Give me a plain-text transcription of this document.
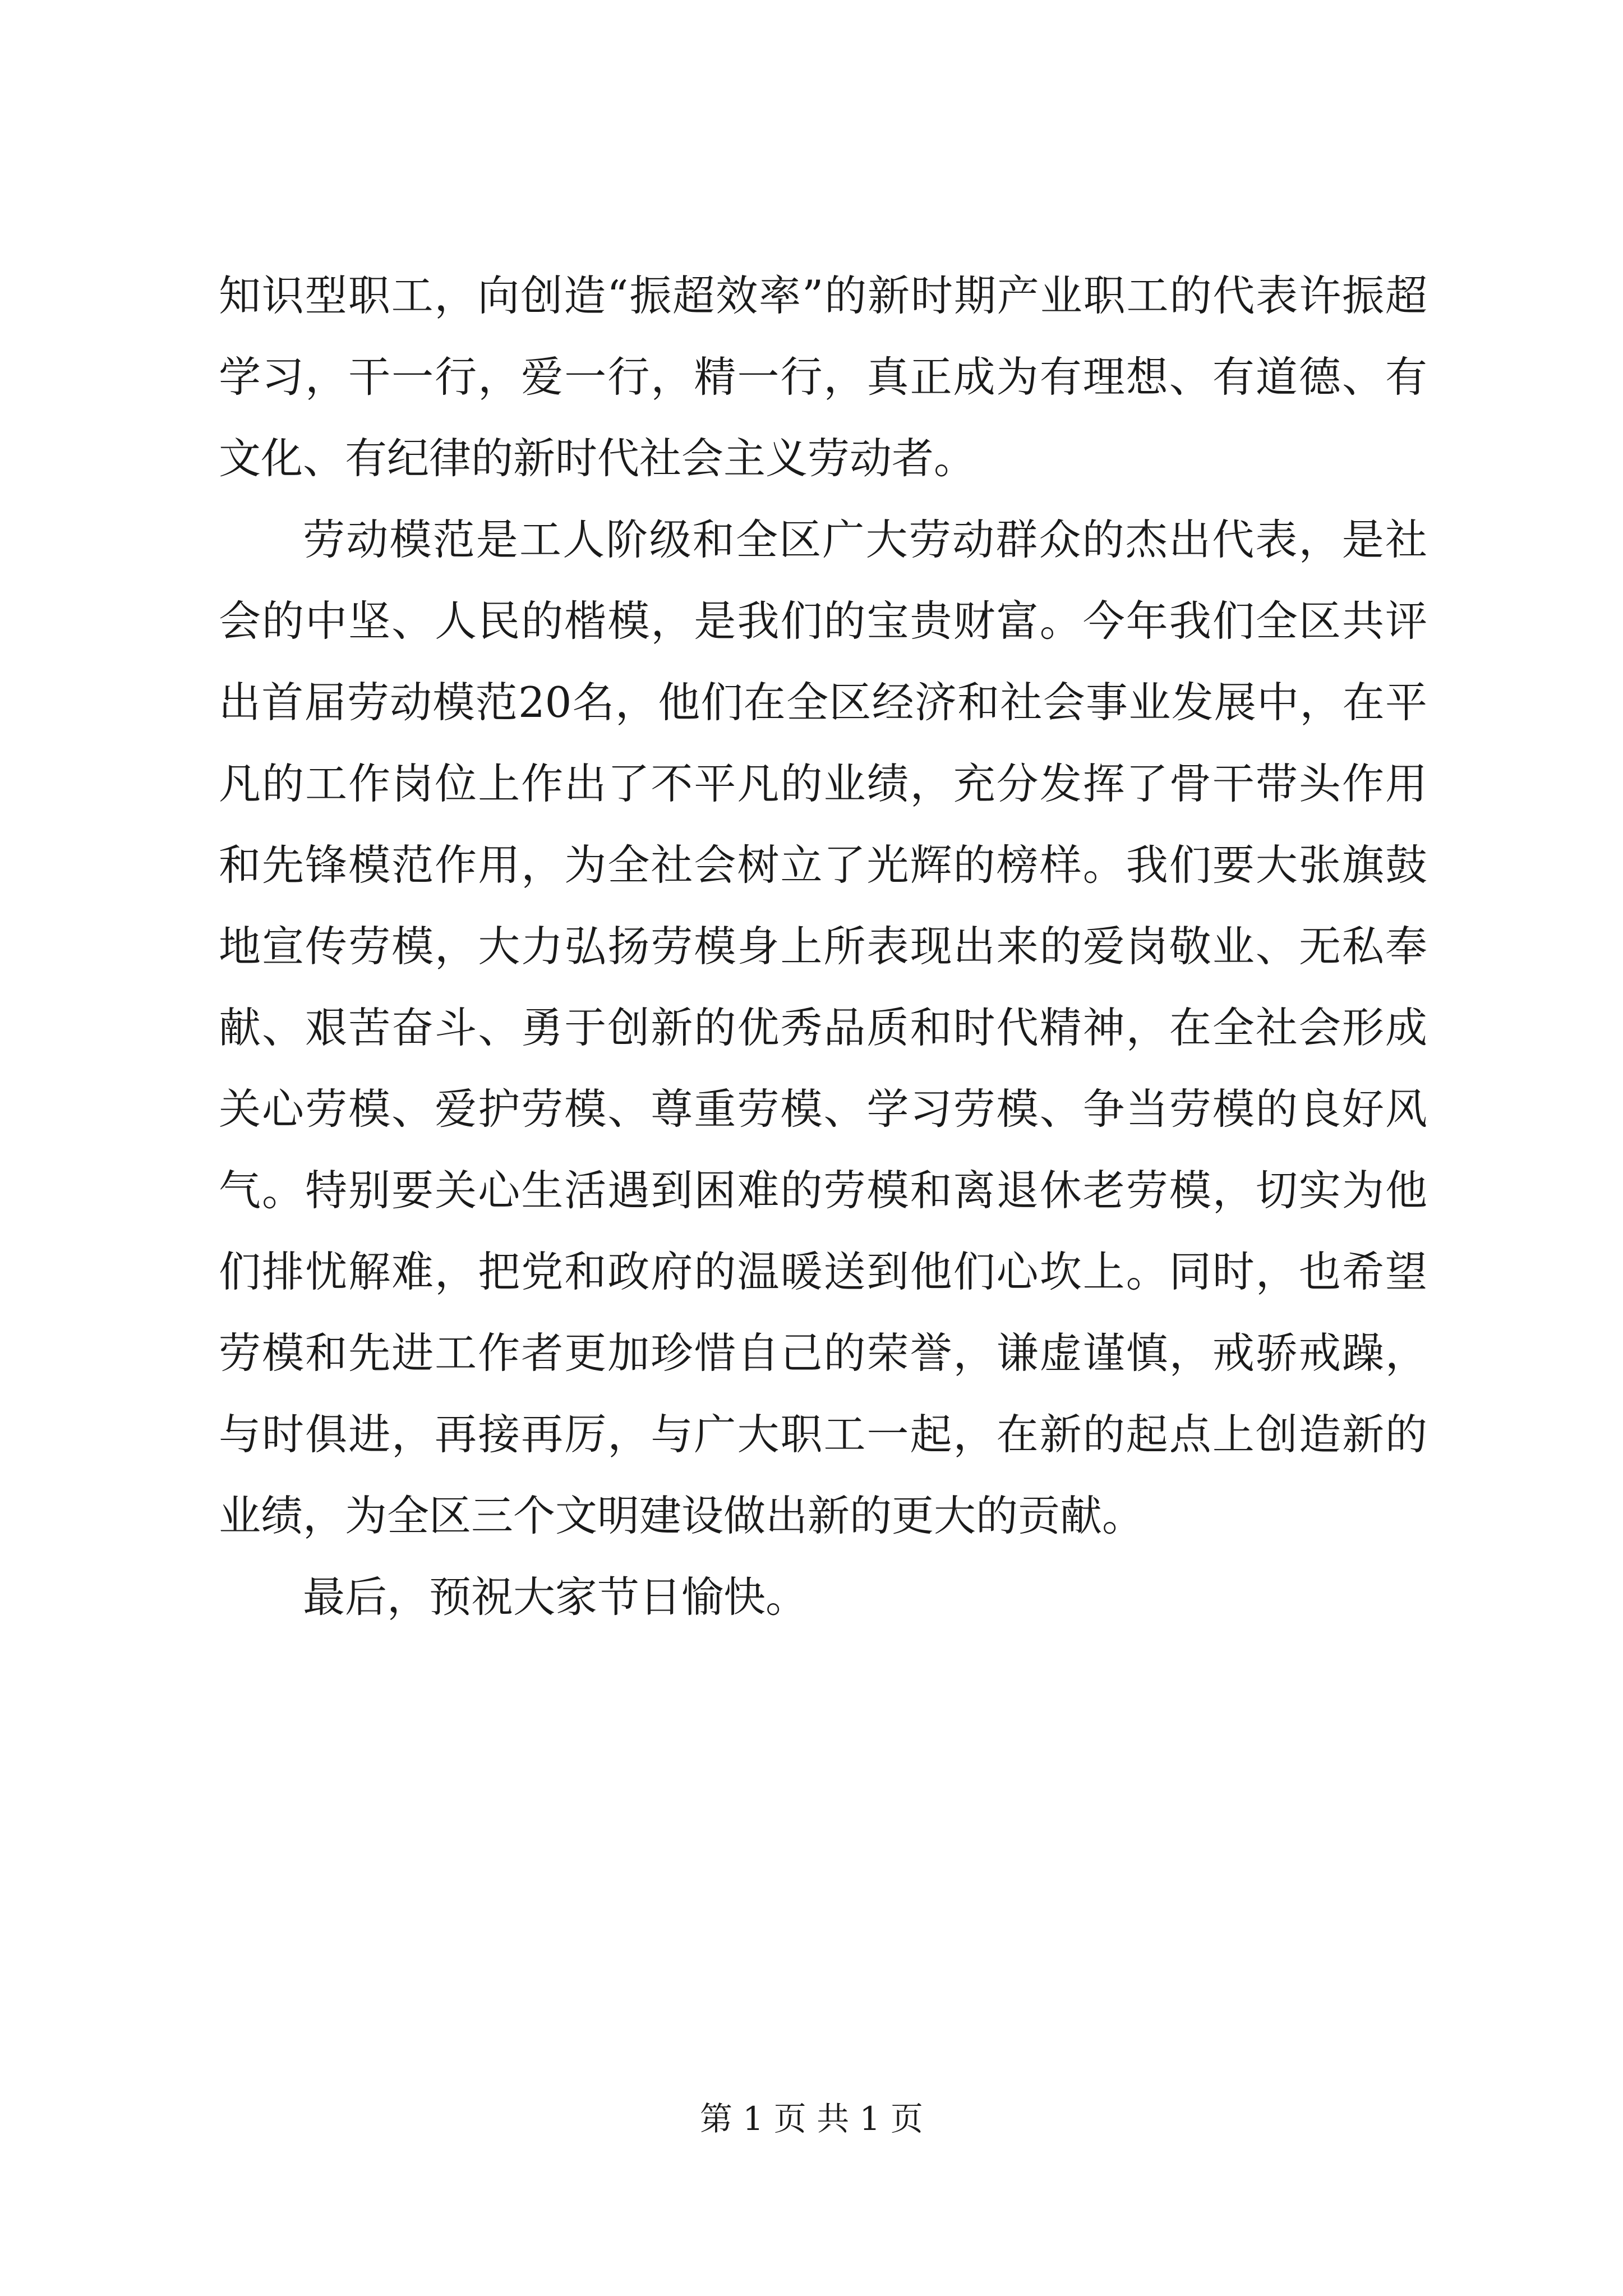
知识型职工，向创造“振超效率”的新时期产业职工的代表许振超学习，干一行，爱一行，精一行，真正成为有理想、有道德、有文化、有纪律的新时代社会主义劳动者。

劳动模范是工人阶级和全区广大劳动群众的杰出代表，是社会的中坚、人民的楷模，是我们的宝贵财富。今年我们全区共评出首届劳动模范20名，他们在全区经济和社会事业发展中，在平凡的工作岗位上作出了不平凡的业绩，充分发挥了骨干带头作用和先锋模范作用，为全社会树立了光辉的榜样。我们要大张旗鼓地宣传劳模，大力弘扬劳模身上所表现出来的爱岗敬业、无私奉献、艰苦奋斗、勇于创新的优秀品质和时代精神，在全社会形成关心劳模、爱护劳模、尊重劳模、学习劳模、争当劳模的良好风气。特别要关心生活遇到困难的劳模和离退休老劳模，切实为他们排忧解难，把党和政府的温暖送到他们心坎上。同时，也希望劳模和先进工作者更加珍惜自己的荣誉，谦虚谨慎，戒骄戒躁，与时俱进，再接再厉，与广大职工一起，在新的起点上创造新的业绩，为全区三个文明建设做出新的更大的贡献。

最后，预祝大家节日愉快。

第 1 页 共 1 页
